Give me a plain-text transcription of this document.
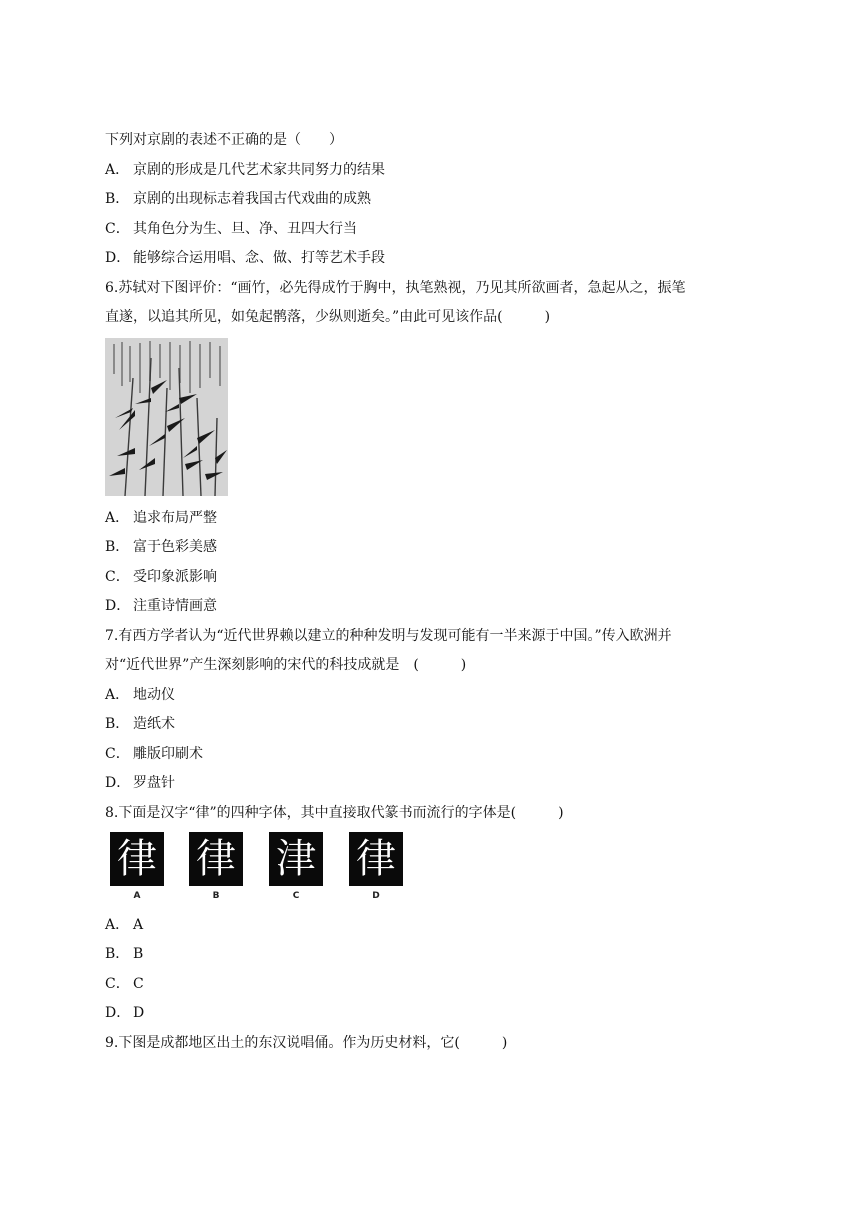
下列对京剧的表述不正确的是（　　）
A． 京剧的形成是几代艺术家共同努力的结果
B． 京剧的出现标志着我国古代戏曲的成熟
C． 其角色分为生、旦、净、丑四大行当
D． 能够综合运用唱、念、做、打等艺术手段
6.苏轼对下图评价：“画竹，必先得成竹于胸中，执笔熟视，乃见其所欲画者，急起从之，振笔
直遂，以追其所见，如兔起鹘落，少纵则逝矣。”由此可见该作品(　　　)
A． 追求布局严整
B． 富于色彩美感
C． 受印象派影响
D． 注重诗情画意
7.有西方学者认为“近代世界赖以建立的种种发明与发现可能有一半来源于中国。”传入欧洲并
对“近代世界”产生深刻影响的宋代的科技成就是　(　　　)
A． 地动仪
B． 造纸术
C． 雕版印刷术
D． 罗盘针
8.下面是汉字“律”的四种字体，其中直接取代篆书而流行的字体是(　　　)
律
A
律
B
津
C
律
D
A． A
B． B
C． C
D． D
9.下图是成都地区出土的东汉说唱俑。作为历史材料，它(　　　)
